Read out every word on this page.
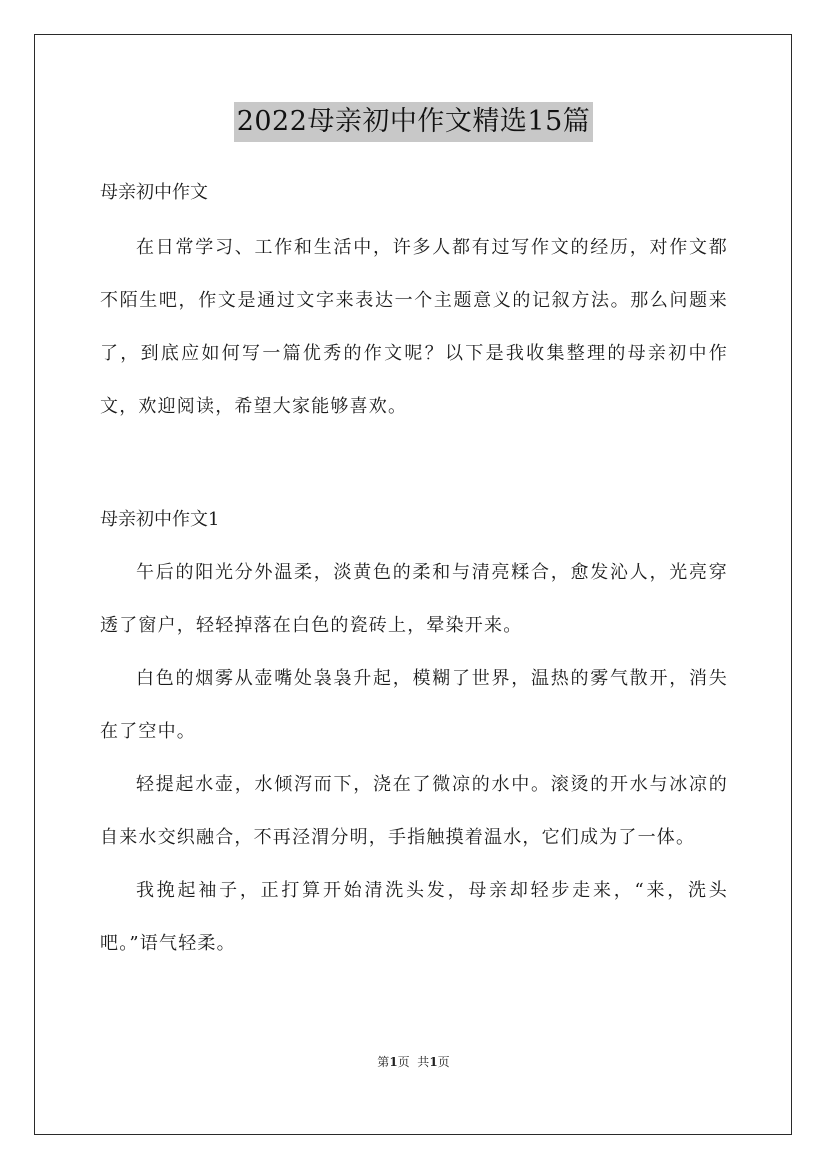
2022母亲初中作文精选15篇
母亲初中作文

在日常学习、工作和生活中，许多人都有过写作文的经历，对作文都不陌生吧，作文是通过文字来表达一个主题意义的记叙方法。那么问题来了，到底应如何写一篇优秀的作文呢？以下是我收集整理的母亲初中作文，欢迎阅读，希望大家能够喜欢。

母亲初中作文1

午后的阳光分外温柔，淡黄色的柔和与清亮糅合，愈发沁人，光亮穿透了窗户，轻轻掉落在白色的瓷砖上，晕染开来。

白色的烟雾从壶嘴处袅袅升起，模糊了世界，温热的雾气散开，消失在了空中。

轻提起水壶，水倾泻而下，浇在了微凉的水中。滚烫的开水与冰凉的自来水交织融合，不再泾渭分明，手指触摸着温水，它们成为了一体。

我挽起袖子，正打算开始清洗头发，母亲却轻步走来，“来，洗头吧。”语气轻柔。

第1页  共1页
